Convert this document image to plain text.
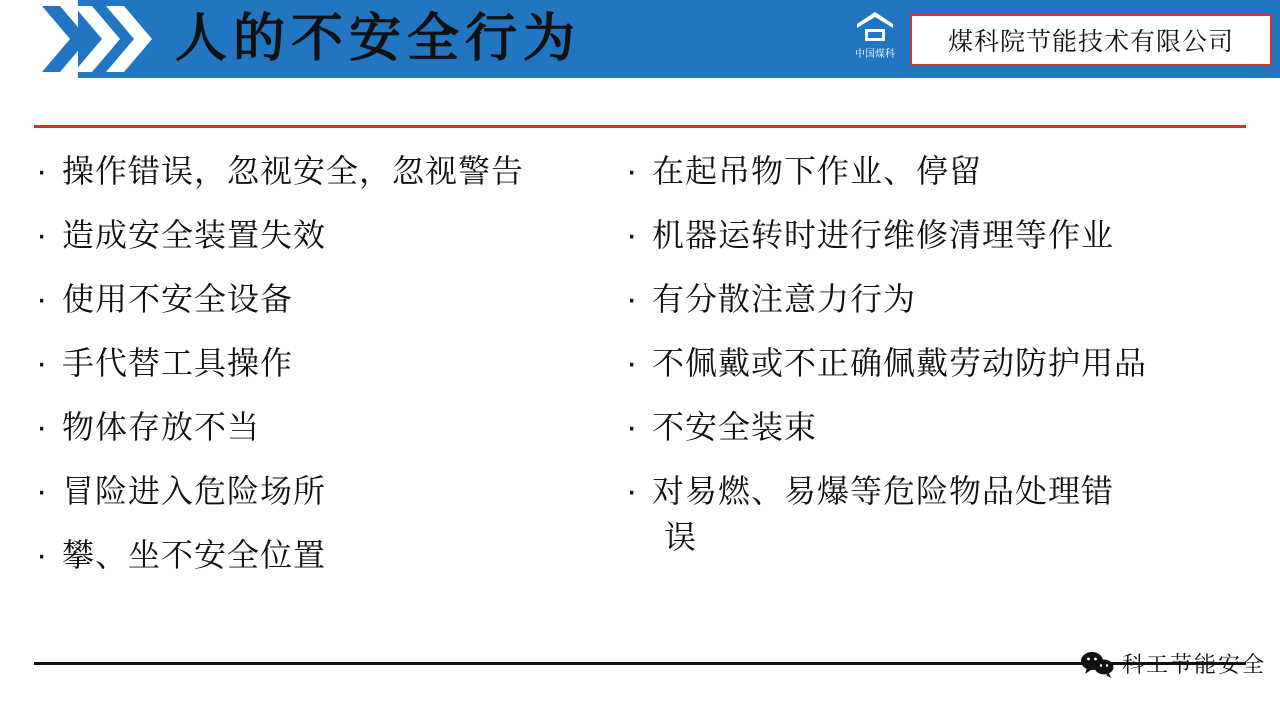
人的不安全行为	中国煤科	煤科院节能技术有限公司
· 操作错误，忽视安全，忽视警告
· 造成安全装置失效
· 使用不安全设备
· 手代替工具操作
· 物体存放不当
· 冒险进入危险场所
· 攀、坐不安全位置
· 在起吊物下作业、停留
· 机器运转时进行维修清理等作业
· 有分散注意力行为
· 不佩戴或不正确佩戴劳动防护用品
· 不安全装束
· 对易燃、易爆等危险物品处理错
误
科工节能安全
